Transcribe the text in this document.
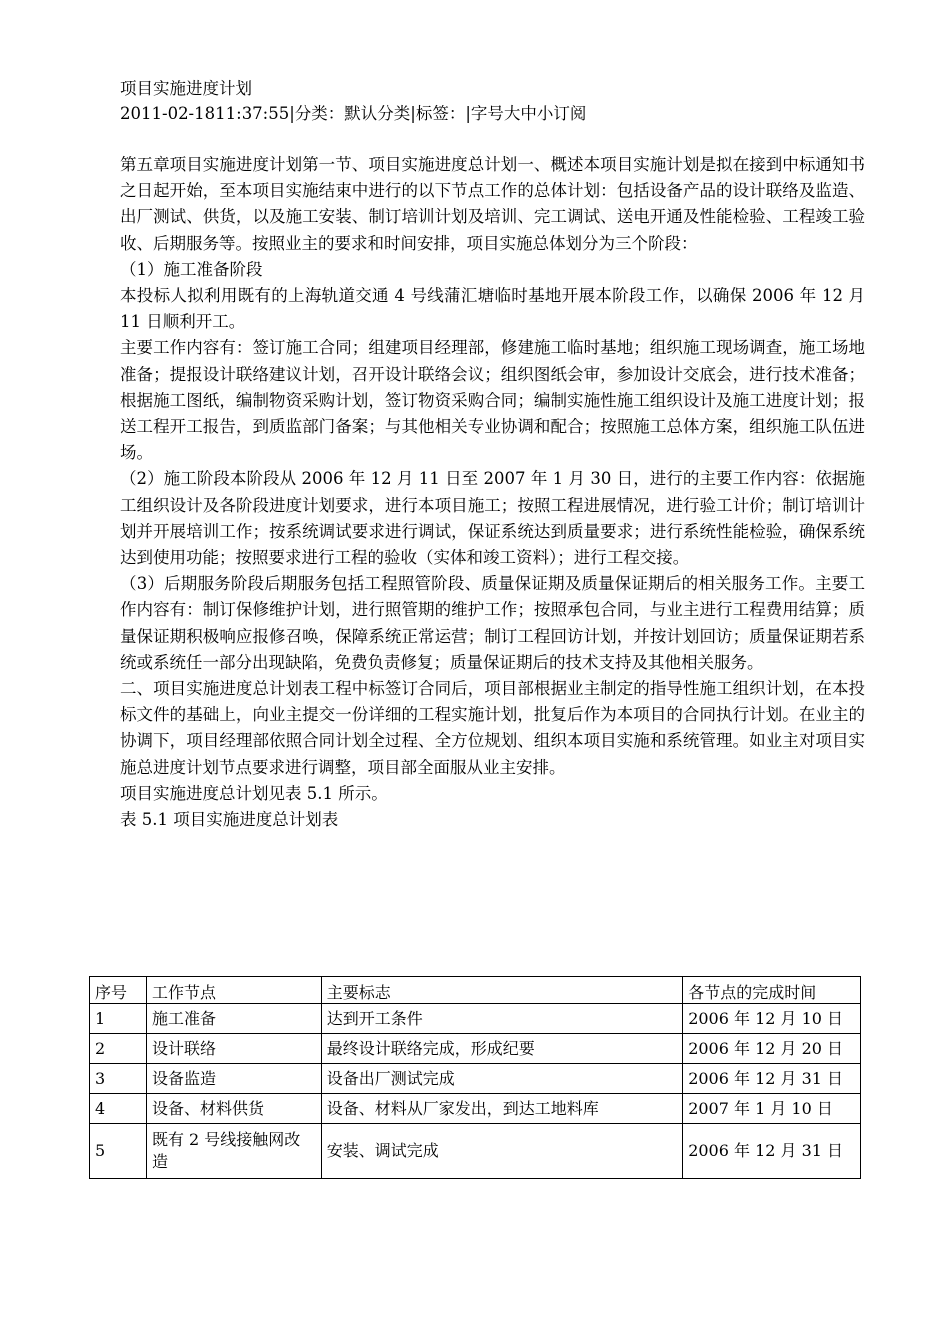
项目实施进度计划
2011-02-1811:37:55|分类：默认分类|标签：|字号大中小订阅

第五章项目实施进度计划第一节、项目实施进度总计划一、概述本项目实施计划是拟在接到中标通知书之日起开始，至本项目实施结束中进行的以下节点工作的总体计划：包括设备产品的设计联络及监造、出厂测试、供货，以及施工安装、制订培训计划及培训、完工调试、送电开通及性能检验、工程竣工验收、后期服务等。按照业主的要求和时间安排，项目实施总体划分为三个阶段：

（1）施工准备阶段

本投标人拟利用既有的上海轨道交通 4 号线蒲汇塘临时基地开展本阶段工作，以确保 2006 年 12 月 11 日顺利开工。

主要工作内容有：签订施工合同；组建项目经理部，修建施工临时基地；组织施工现场调查，施工场地准备；提报设计联络建议计划，召开设计联络会议；组织图纸会审，参加设计交底会，进行技术准备；根据施工图纸，编制物资采购计划，签订物资采购合同；编制实施性施工组织设计及施工进度计划；报送工程开工报告，到质监部门备案；与其他相关专业协调和配合；按照施工总体方案，组织施工队伍进场。

（2）施工阶段本阶段从 2006 年 12 月 11 日至 2007 年 1 月 30 日，进行的主要工作内容：依据施工组织设计及各阶段进度计划要求，进行本项目施工；按照工程进展情况，进行验工计价；制订培训计划并开展培训工作；按系统调试要求进行调试，保证系统达到质量要求；进行系统性能检验，确保系统达到使用功能；按照要求进行工程的验收（实体和竣工资料）；进行工程交接。

（3）后期服务阶段后期服务包括工程照管阶段、质量保证期及质量保证期后的相关服务工作。主要工作内容有：制订保修维护计划，进行照管期的维护工作；按照承包合同，与业主进行工程费用结算；质量保证期积极响应报修召唤，保障系统正常运营；制订工程回访计划，并按计划回访；质量保证期若系统或系统任一部分出现缺陷，免费负责修复；质量保证期后的技术支持及其他相关服务。

二、项目实施进度总计划表工程中标签订合同后，项目部根据业主制定的指导性施工组织计划，在本投标文件的基础上，向业主提交一份详细的工程实施计划，批复后作为本项目的合同执行计划。在业主的协调下，项目经理部依照合同计划全过程、全方位规划、组织本项目实施和系统管理。如业主对项目实施总进度计划节点要求进行调整，项目部全面服从业主安排。

项目实施进度总计划见表 5.1 所示。

表 5.1 项目实施进度总计划表

序号	工作节点	主要标志	各节点的完成时间
1	施工准备	达到开工条件	2006 年 12 月 10 日
2	设计联络	最终设计联络完成，形成纪要	2006 年 12 月 20 日
3	设备监造	设备出厂测试完成	2006 年 12 月 31 日
4	设备、材料供货	设备、材料从厂家发出，到达工地料库	2007 年 1 月 10 日
5	既有 2 号线接触网改造	安装、调试完成	2006 年 12 月 31 日
